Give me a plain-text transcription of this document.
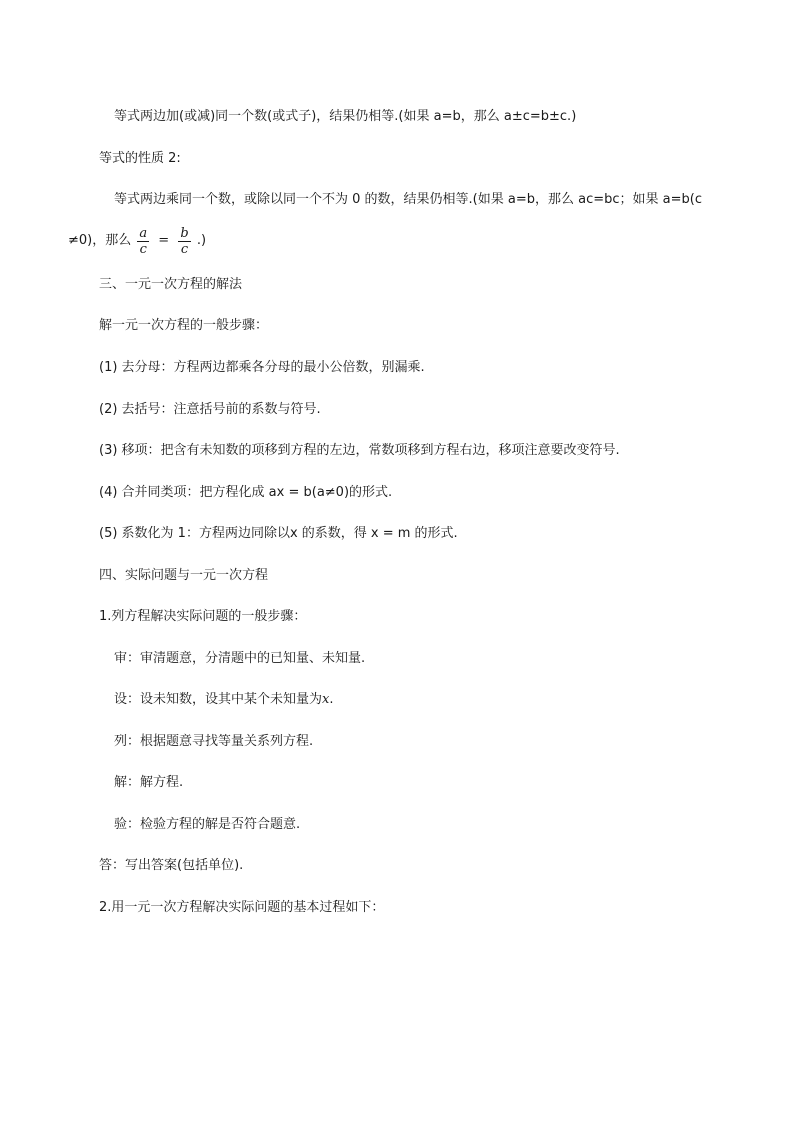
等式两边加(或减)同一个数(或式子)，结果仍相等.(如果 a=b，那么 a±c=b±c.)
等式的性质 2:
等式两边乘同一个数，或除以同一个不为 0 的数，结果仍相等.(如果 a=b，那么 ac=bc；如果 a=b(c
≠0)，那么 $\frac{a}{c} = \frac{b}{c}$ .)
三、一元一次方程的解法
解一元一次方程的一般步骤：
(1) 去分母：方程两边都乘各分母的最小公倍数，别漏乘.
(2) 去括号：注意括号前的系数与符号.
(3) 移项：把含有未知数的项移到方程的左边，常数项移到方程右边，移项注意要改变符号.
(4) 合并同类项：把方程化成 ax = b(a≠0)的形式.
(5) 系数化为 1：方程两边同除以x 的系数，得 x = m 的形式.
四、实际问题与一元一次方程
1.列方程解决实际问题的一般步骤：
审：审清题意，分清题中的已知量、未知量.
设：设未知数，设其中某个未知量为x.
列：根据题意寻找等量关系列方程.
解：解方程.
验：检验方程的解是否符合题意.
答：写出答案(包括单位).
2.用一元一次方程解决实际问题的基本过程如下：
